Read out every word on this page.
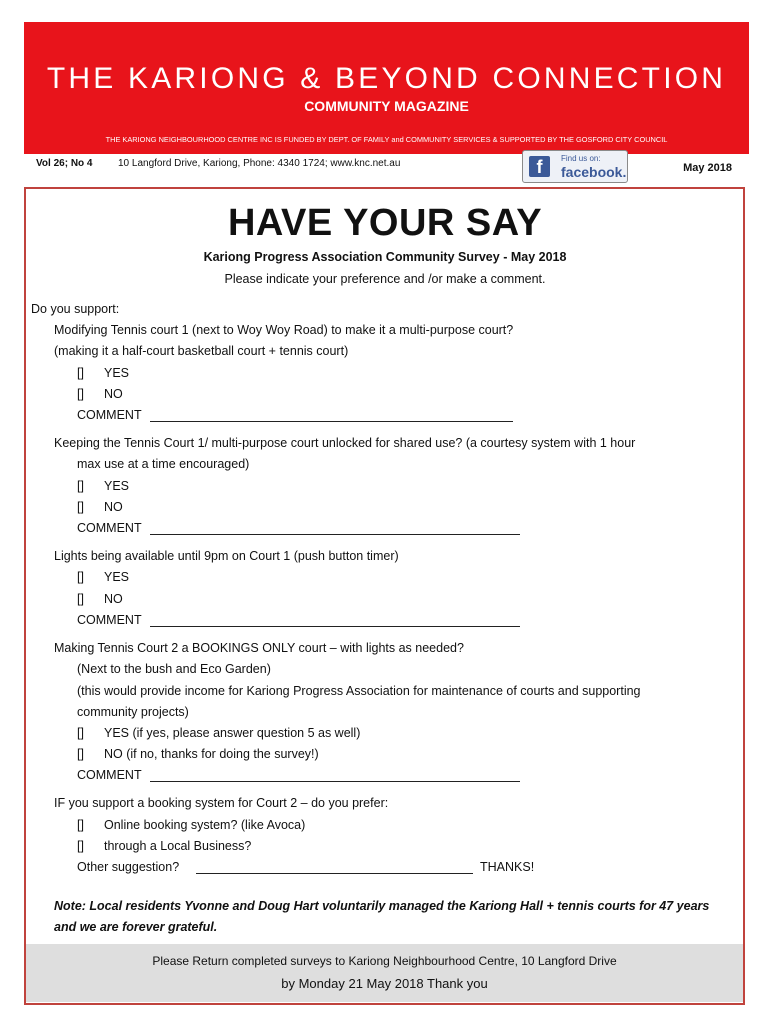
THE KARIONG & BEYOND CONNECTION
COMMUNITY MAGAZINE
THE KARIONG NEIGHBOURHOOD CENTRE INC IS FUNDED BY DEPT. OF FAMILY and COMMUNITY SERVICES & SUPPORTED BY THE GOSFORD CITY COUNCIL
Vol 26; No 4	10 Langford Drive, Kariong, Phone: 4340 1724; www.knc.net.au	f	Find us on:
facebook.	May 2018
HAVE YOUR SAY
Kariong Progress Association Community Survey - May 2018
Please indicate your preference and /or make a comment.
Do you support:
Modifying Tennis court 1 (next to Woy Woy Road) to make it a multi-purpose court?
(making it a half-court basketball court + tennis court)
[] YES
[] NO
COMMENT
Keeping the Tennis Court 1/ multi-purpose court unlocked for shared use? (a courtesy system with 1 hour
max use at a time encouraged)
[] YES
[] NO
COMMENT
Lights being available until 9pm on Court 1 (push button timer)
[] YES
[] NO
COMMENT
Making Tennis Court 2 a BOOKINGS ONLY court – with lights as needed?
(Next to the bush and Eco Garden)
(this would provide income for Kariong Progress Association for maintenance of courts and supporting
community projects)
[] YES (if yes, please answer question 5 as well)
[] NO (if no, thanks for doing the survey!)
COMMENT
IF you support a booking system for Court 2 – do you prefer:
[] Online booking system? (like Avoca)
[] through a Local Business?
Other suggestion?	THANKS!
Note: Local residents Yvonne and Doug Hart voluntarily managed the Kariong Hall + tennis courts for 47 years and we are forever grateful.
Please Return completed surveys to Kariong Neighbourhood Centre, 10 Langford Drive
by Monday 21 May 2018 Thank you
